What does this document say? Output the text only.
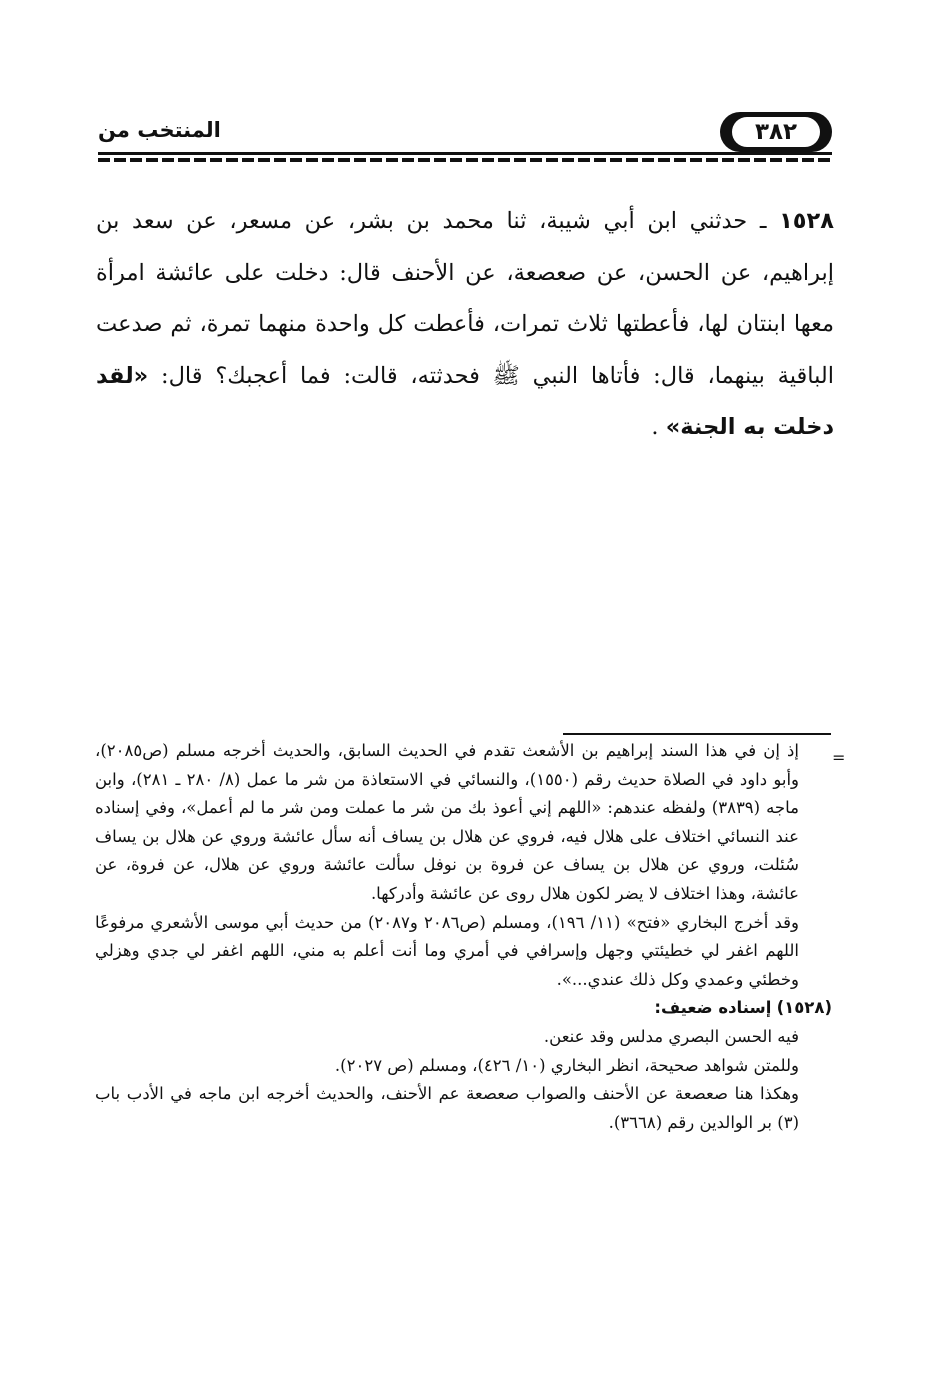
٣٨٢
المنتخب من
١٥٢٨ ـ حدثني ابن أبي شيبة، ثنا محمد بن بشر، عن مسعر، عن سعد بن إبراهيم، عن الحسن، عن صعصعة، عن الأحنف قال: دخلت على عائشة امرأة معها ابنتان لها، فأعطتها ثلاث تمرات، فأعطت كل واحدة منهما تمرة، ثم صدعت الباقية بينهما، قال: فأتاها النبي ﷺ فحدثته، قالت: فما أعجبك؟ قال: «لقد دخلت به الجنة» .
=

إذ إن في هذا السند إبراهيم بن الأشعث تقدم في الحديث السابق، والحديث أخرجه مسلم (ص٢٠٨٥)، وأبو داود في الصلاة حديث رقم (١٥٥٠)، والنسائي في الاستعاذة من شر ما عمل (٨/ ٢٨٠ ـ ٢٨١)، وابن ماجه (٣٨٣٩) ولفظه عندهم: «اللهم إني أعوذ بك من شر ما عملت ومن شر ما لم أعمل»، وفي إسناده عند النسائي اختلاف على هلال فيه، فروي عن هلال بن يساف أنه سأل عائشة وروي عن هلال بن يساف سُئلت، وروي عن هلال بن يساف عن فروة بن نوفل سألت عائشة وروي عن هلال، عن فروة، عن عائشة، وهذا اختلاف لا يضر لكون هلال روى عن عائشة وأدركها.

وقد أخرج البخاري «فتح» (١١/ ١٩٦)، ومسلم (ص٢٠٨٦ و٢٠٨٧) من حديث أبي موسى الأشعري مرفوعًا اللهم اغفر لي خطيئتي وجهل وإسرافي في أمري وما أنت أعلم به مني، اللهم اغفر لي جدي وهزلي وخطئي وعمدي وكل ذلك عندي...».

(١٥٢٨) إسناده ضعيف:

فيه الحسن البصري مدلس وقد عنعن.

وللمتن شواهد صحيحة، انظر البخاري (١٠/ ٤٢٦)، ومسلم (ص ٢٠٢٧).

وهكذا هنا صعصعة عن الأحنف والصواب صعصعة عم الأحنف، والحديث أخرجه ابن ماجه في الأدب باب (٣) بر الوالدين رقم (٣٦٦٨).
